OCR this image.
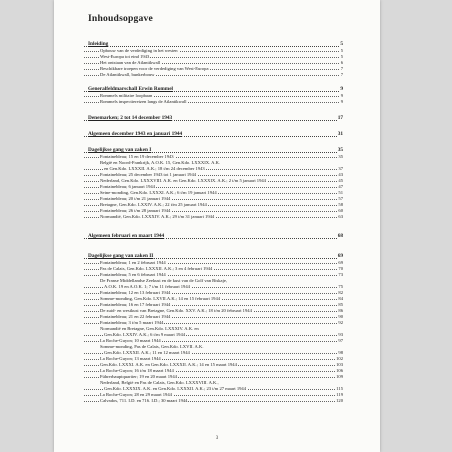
Inhoudsopgave
Inleiding	5
Opbouw van de verdediging in het westen	5
West-Europa tot eind 1943	5
Het ontstaan van de Atlantikwall	6
Beschikbare troepen voor de verdediging van West-Europa	7
De Atlantikwall, bunkerbouw	7
Generalfeldmarschall Erwin Rommel	9
Rommels militaire loopbaan	9
Rommels inspectiereizen langs de Atlantikwall	9
Denemarken; 2 tot 14 december 1943	17
Algemeen december 1943 en januari 1944	31
Dagelijkse gang van zaken I	35
Fontainebleau; 15 en 19 december 1943	35
België en Noord-Frankrijk, A.O.K. 15, Gen.Kdo. LXXXIX. A.K.
en Gen.Kdo. LXXXII. A.K.; 18 t/m 24 december 1943	37
Fontainebleau; 25 december 1943 tot 1 januari 1944	43
Nederland, Gen.Kdo. LXXXVIII. A.K. en Gen.Kdo. LXXXIX. A.K.; 2 t/m 5 januari 1944	45
Fontainebleau; 6 januari 1944	47
Seine-monding, Gen.Kdo. LXXXI. A.K.; 6 t/m 19 januari 1944	51
Fontainebleau; 20 t/m 21 januari 1944	57
Bretagne, Gen.Kdo. LXXIV. A.K.; 22 t/m 25 januari 1944	58
Fontainebleau; 26 t/m 28 januari 1944	60
Normandië, Gen.Kdo. LXXXIV. A.K.; 29 t/m 31 januari 1944	63
Algemeen februari en maart 1944	68
Dagelijkse gang van zaken II	69
Fontainebleau; 1 en 2 februari 1944	69
Pas de Calais, Gen.Kdo. LXXXII. A.K.; 3 en 4 februari 1944	70
Fontainebleau; 5 en 6 februari 1944	73
De Franse Middellandse Zeekust en de kust van de Golf van Biskaje,
A.O.K. 19 en A.O.K. 1; 7 t/m 11 februari 1944	75
Fontainebleau; 12 en 13 februari 1944	82
Somme-monding, Gen.Kdo. LXVII.A.K.; 14 en 15 februari 1944	84
Fontainebleau; 16 en 17 februari 1944	85
De zuid- en westkust van Bretagne, Gen.Kdo. XXV. A.K.; 18 t/m 20 februari 1944	86
Fontainebleau; 21 en 22 februari 1944	90
Fontainebleau; 3 t/m 5 maart 1944	92
Normandië en Bretagne, Gen.Kdo. LXXXIV. A.K. en
Gen.Kdo. LXXIV. A.K.; 6 t/m 9 maart 1944	93
La Roche-Guyon; 10 maart 1944	97
Somme-monding, Pas de Calais, Gen.Kdo. LXVII. A.K.
Gen.Kdo. LXXXII. A.K.; 11 en 12 maart 1944	98
La Roche-Guyon; 13 maart 1944	102
Gen.Kdo. LXXXI. A.K. en Gen.Kdo. LXXXII. A.K.; 14 en 15 maart 1944	103
La Roche-Guyon; 16 t/m 18 maart 1944	106
Führerhauptquartier; 19 en 20 maart 1944	109
Nederland, België en Pas de Calais, Gen.Kdo. LXXXVIII. A.K.,
Gen.Kdo. LXXXIX. A.K. en Gen.Kdo. LXXXII. A.K.; 23 t/m 27 maart 1944	115
La Roche-Guyon; 28 en 29 maart 1944	119
Calvados, 711. I.D. en 716. I.D.; 30 maart 1944	120
3
